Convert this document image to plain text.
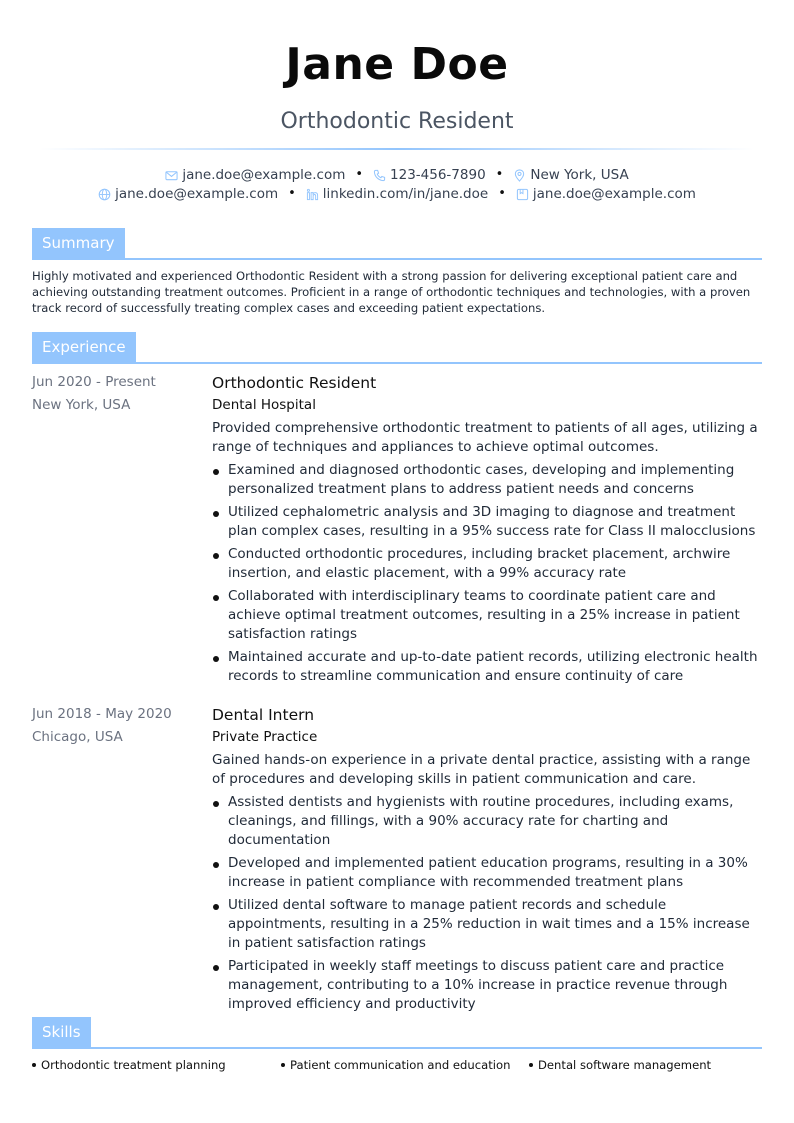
Jane Doe
Orthodontic Resident
jane.doe@example.com • 123-456-7890 • New York, USA
jane.doe@example.com • linkedin.com/in/jane.doe • jane.doe@example.com
Summary
Highly motivated and experienced Orthodontic Resident with a strong passion for delivering exceptional patient care and achieving outstanding treatment outcomes. Proficient in a range of orthodontic techniques and technologies, with a proven track record of successfully treating complex cases and exceeding patient expectations.
Experience
Jun 2020 - Present
New York, USA
Orthodontic Resident
Dental Hospital
Provided comprehensive orthodontic treatment to patients of all ages, utilizing a range of techniques and appliances to achieve optimal outcomes.
Examined and diagnosed orthodontic cases, developing and implementing personalized treatment plans to address patient needs and concerns
Utilized cephalometric analysis and 3D imaging to diagnose and treatment plan complex cases, resulting in a 95% success rate for Class II malocclusions
Conducted orthodontic procedures, including bracket placement, archwire insertion, and elastic placement, with a 99% accuracy rate
Collaborated with interdisciplinary teams to coordinate patient care and achieve optimal treatment outcomes, resulting in a 25% increase in patient satisfaction ratings
Maintained accurate and up-to-date patient records, utilizing electronic health records to streamline communication and ensure continuity of care
Jun 2018 - May 2020
Chicago, USA
Dental Intern
Private Practice
Gained hands-on experience in a private dental practice, assisting with a range of procedures and developing skills in patient communication and care.
Assisted dentists and hygienists with routine procedures, including exams, cleanings, and fillings, with a 90% accuracy rate for charting and documentation
Developed and implemented patient education programs, resulting in a 30% increase in patient compliance with recommended treatment plans
Utilized dental software to manage patient records and schedule appointments, resulting in a 25% reduction in wait times and a 15% increase in patient satisfaction ratings
Participated in weekly staff meetings to discuss patient care and practice management, contributing to a 10% increase in practice revenue through improved efficiency and productivity
Skills
Orthodontic treatment planning	Patient communication and education	Dental software management
